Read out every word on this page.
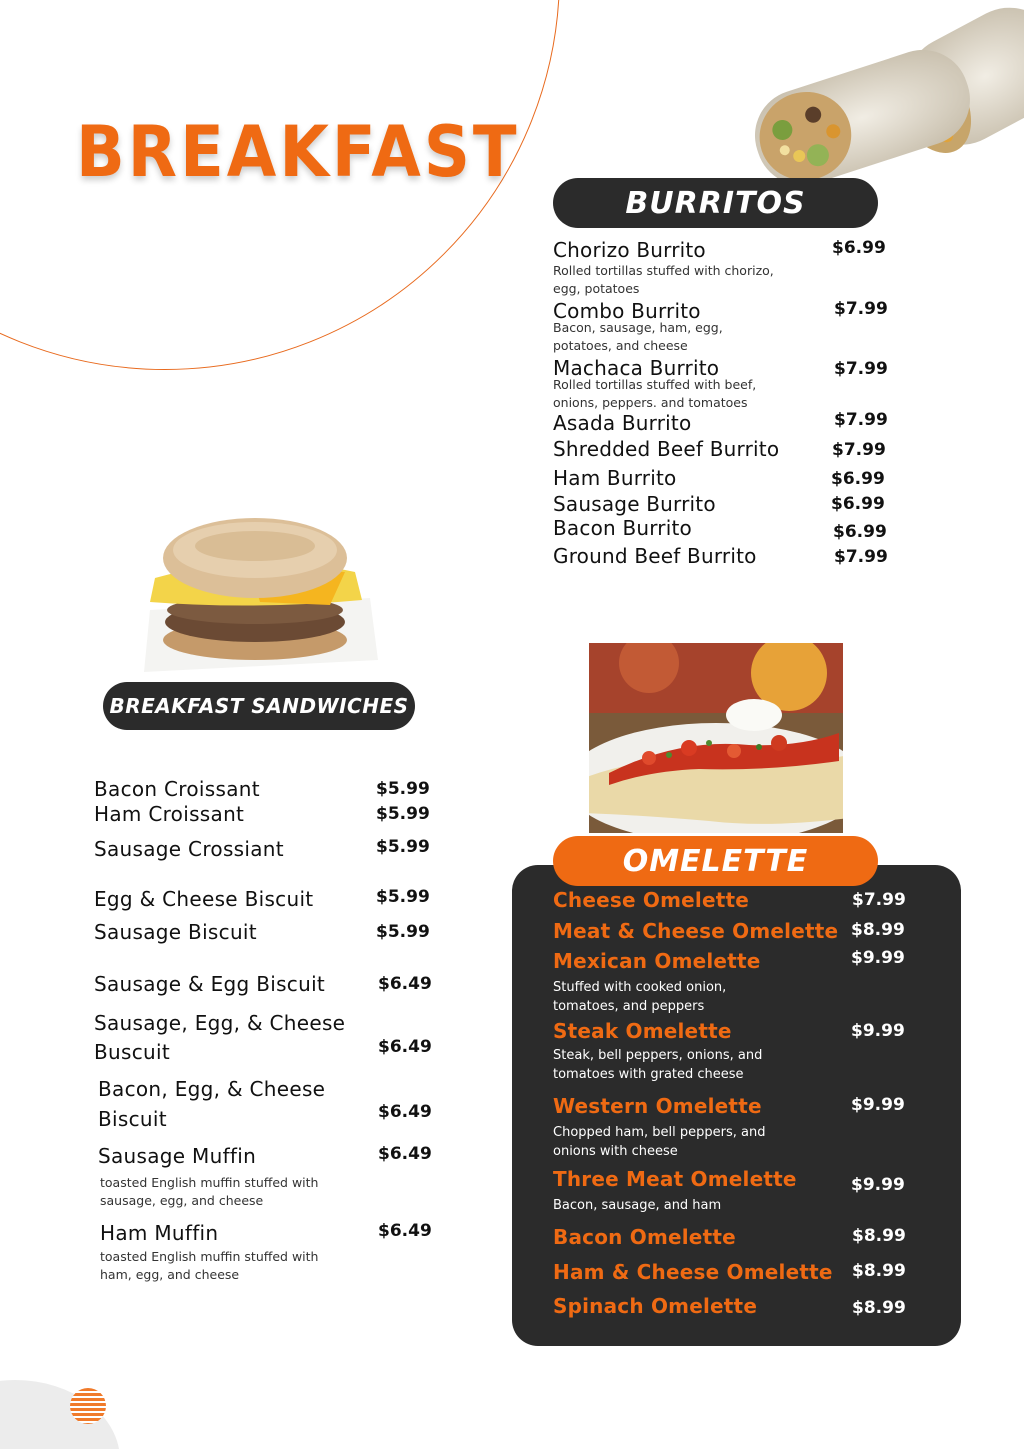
BREAKFAST
BURRITOS
Chorizo Burrito	$6.99
Rolled tortillas stuffed with chorizo, egg, potatoes
Combo Burrito	$7.99
Bacon, sausage, ham, egg, potatoes, and cheese
Machaca Burrito	$7.99
Rolled tortillas stuffed with beef, onions, peppers. and tomatoes
Asada Burrito	$7.99
Shredded Beef Burrito	$7.99
Ham Burrito	$6.99
Sausage Burrito	$6.99
Bacon Burrito	$6.99
Ground Beef Burrito	$7.99
BREAKFAST SANDWICHES
Bacon Croissant	$5.99
Ham Croissant	$5.99
Sausage Crossiant	$5.99
Egg & Cheese Biscuit	$5.99
Sausage Biscuit	$5.99
Sausage & Egg Biscuit	$6.49
Sausage, Egg, & Cheese
Buscuit	$6.49
Bacon, Egg, & Cheese
Biscuit	$6.49
Sausage Muffin	$6.49
toasted English muffin stuffed with sausage, egg, and cheese
Ham Muffin	$6.49
toasted English muffin stuffed with ham, egg, and cheese
OMELETTE
Cheese Omelette	$7.99
Meat & Cheese Omelette $8.99
Mexican Omelette	$9.99
Stuffed with cooked onion, tomatoes, and peppers
Steak Omelette	$9.99
Steak, bell peppers, onions, and tomatoes with grated cheese
Western Omelette	$9.99
Chopped ham, bell peppers, and onions with cheese
Three Meat Omelette	$9.99
Bacon, sausage, and ham
Bacon Omelette	$8.99
Ham & Cheese Omelette $8.99
Spinach Omelette	$8.99
